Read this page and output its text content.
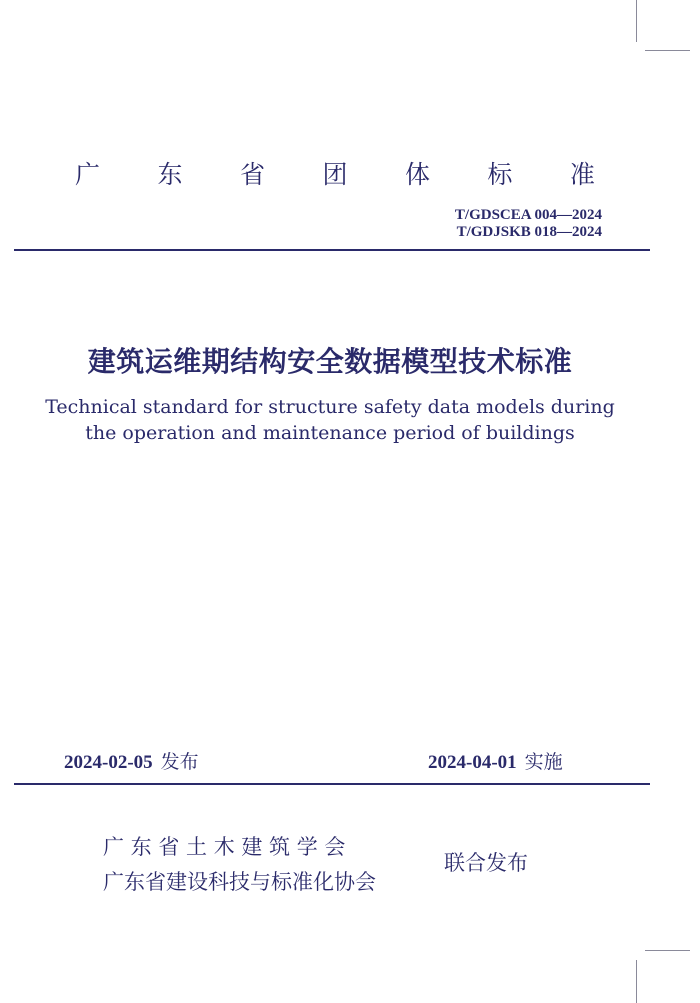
广 东 省 团 体 标 准
T/GDSCEA 004—2024
T/GDJSKB 018—2024
建筑运维期结构安全数据模型技术标准
Technical standard for structure safety data models during
the operation and maintenance period of buildings
2024-02-05 发布	2024-04-01 实施
广 东 省 土 木 建 筑 学 会
广东省建设科技与标准化协会
联合发布
